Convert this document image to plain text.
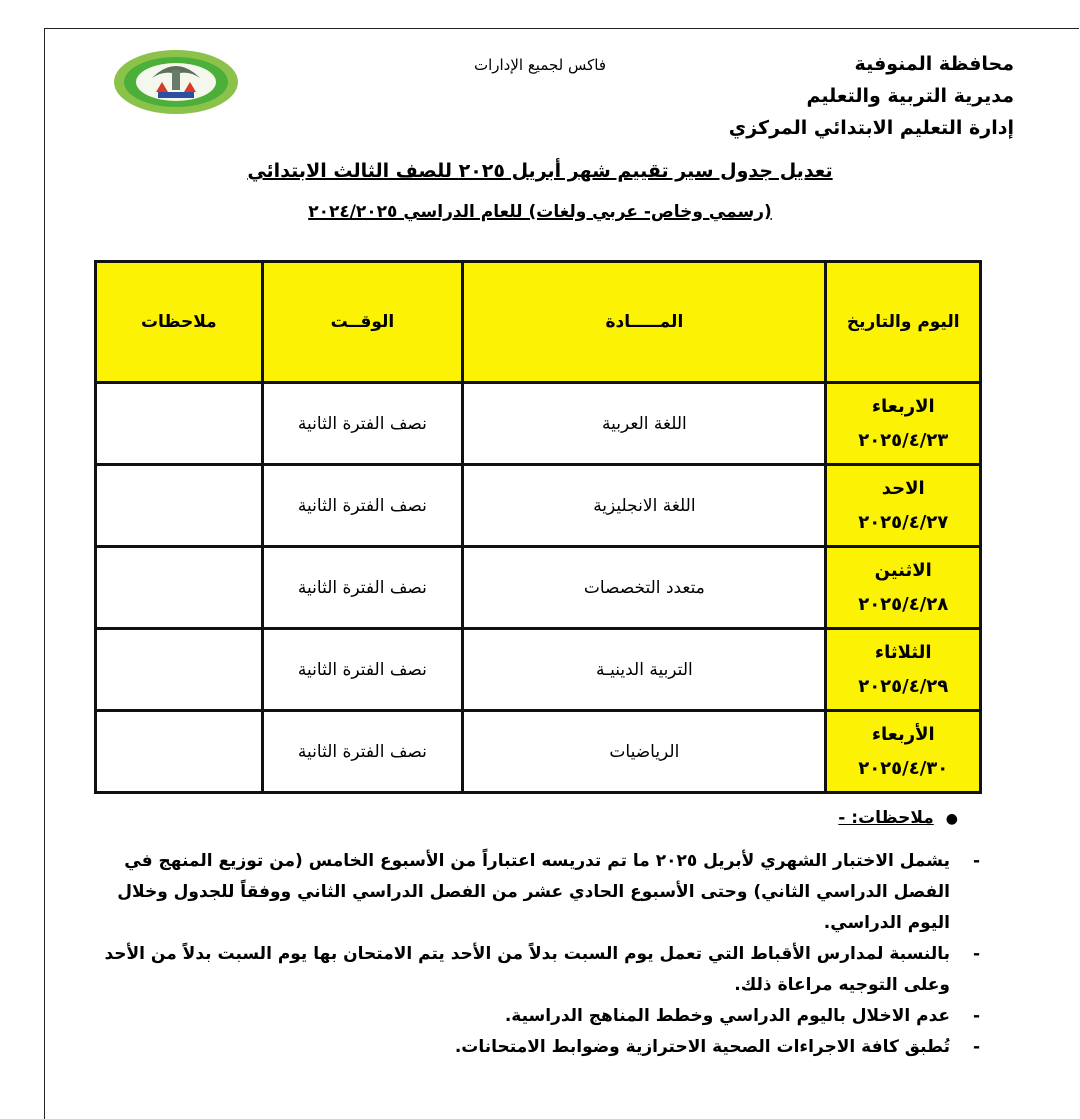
محافظة المنوفية
مديرية التربية والتعليم
إدارة التعليم الابتدائي المركزي
فاكس لجميع الإدارات
تعديل جدول سير تقييم شهر أبريل ٢٠٢٥ للصف الثالث الابتدائي
(رسمي وخاص- عربي ولغات) للعام الدراسي ٢٠٢٤/٢٠٢٥
اليوم والتاريخ	المـــــادة	الوقــت	ملاحظات

الاربعاء
٢٠٢٥/٤/٢٣	اللغة العربية	نصف الفترة الثانية	

الاحد
٢٠٢٥/٤/٢٧	اللغة الانجليزية	نصف الفترة الثانية	

الاثنين
٢٠٢٥/٤/٢٨	متعدد التخصصات	نصف الفترة الثانية	

الثلاثاء
٢٠٢٥/٤/٢٩	التربية الدينيـة	نصف الفترة الثانية	

الأربعاء
٢٠٢٥/٤/٣٠	الرياضيات	نصف الفترة الثانية	
●ملاحظات: -
-
يشمل الاختبار الشهري لأبريل ٢٠٢٥ ما تم تدريسه اعتباراً من الأسبوع الخامس (من توزيع المنهج في الفصل الدراسي الثاني) وحتى الأسبوع الحادي عشر من الفصل الدراسي الثاني ووفقاً للجدول وخلال اليوم الدراسي.
-
بالنسبة لمدارس الأقباط التي تعمل يوم السبت بدلاً من الأحد يتم الامتحان بها يوم السبت بدلاً من الأحد وعلى التوجيه مراعاة ذلك.
-
عدم الاخلال باليوم الدراسي وخطط المناهج الدراسية.
-
تُطبق كافة الاجراءات الصحية الاحترازية وضوابط الامتحانات.
